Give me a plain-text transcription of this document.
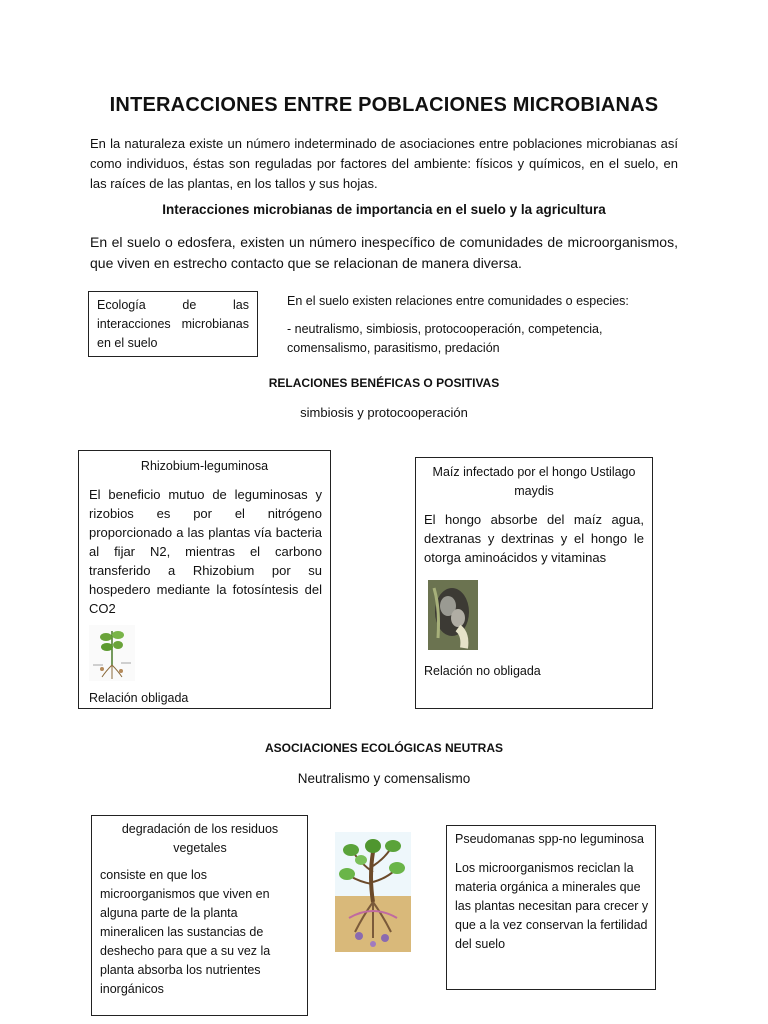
INTERACCIONES ENTRE POBLACIONES MICROBIANAS
En la naturaleza existe un número indeterminado de asociaciones entre poblaciones microbianas así como individuos, éstas son reguladas por factores del ambiente: físicos y químicos, en el suelo, en las raíces de las plantas, en los tallos y sus hojas.
Interacciones microbianas de importancia en el suelo y la agricultura
En el suelo o edosfera, existen un número inespecífico de comunidades de microorganismos, que viven en estrecho contacto que se relacionan de manera diversa.

Ecología de las interacciones microbianas en el suelo

En el suelo existen relaciones entre comunidades o especies:
- neutralismo, simbiosis, protocooperación, competencia, comensalismo, parasitismo, predación
RELACIONES BENÉFICAS O POSITIVAS
simbiosis y protocooperación

Rhizobium-leguminosa

El beneficio mutuo de leguminosas y rizobios es por el nitrógeno proporcionado a las plantas vía bacteria al fijar N2, mientras el carbono transferido a Rhizobium por su hospedero mediante la fotosíntesis del CO2

Relación obligada

Maíz infectado por el hongo Ustilago maydis

El hongo absorbe del maíz agua, dextranas y dextrinas y el hongo le otorga aminoácidos y vitaminas

Relación no obligada

ASOCIACIONES ECOLÓGICAS NEUTRAS
Neutralismo y comensalismo

degradación de los residuos vegetales

consiste en que los microorganismos que viven en alguna parte de la planta mineralicen las sustancias de deshecho para que a su vez la planta absorba los nutrientes inorgánicos

Pseudomanas spp-no leguminosa

Los microorganismos reciclan la materia orgánica a minerales que las plantas necesitan para crecer y que a la vez conservan la fertilidad del suelo
